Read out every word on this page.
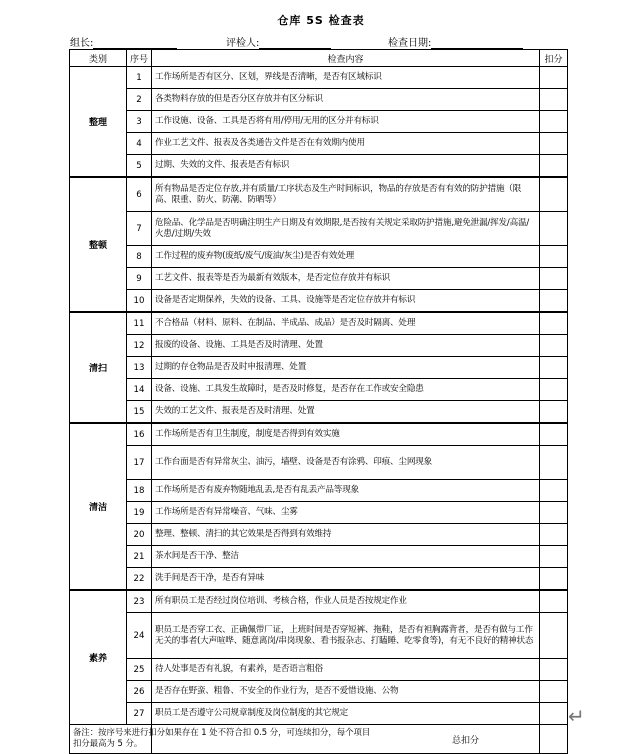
仓库 5S 检查表
组长:	评检人:	检查日期:
类别	序号	检查内容	扣分
整理	1	工作场所是否有区分、区划，界线是否清晰，是否有区域标识	
	2	各类物料存放的但是否分区存放并有区分标识	
	3	工作设施、设备、工具是否将有用/停用/无用的区分并有标识	
	4	作业工艺文件、报表及各类通告文件是否在有效期内使用	
	5	过期、失效的文件、报表是否有标识	
整顿	6	所有物品是否定位存放,并有质量/工序状态及生产时间标识，物品的存放是否有有效的防护措施（限高、限重、防火、防潮、防晒等）	
	7	危险品、化学品是否明确注明生产日期及有效期限,是否按有关规定采取防护措施,避免泄漏/挥发/高温/火患/过期/失效	
	8	工作过程的废弃物(废纸/废气/废油/灰尘)是否有效处理	
	9	工艺文件、报表等是否为最新有效版本，是否定位存放并有标识	
	10	设备是否定期保养，失效的设备、工具、设施等是否定位存放并有标识	
清扫	11	不合格品（材料、原料、在制品、半成品、成品）是否及时隔离、处理	
	12	报废的设备、设施、工具是否及时清理、处置	
	13	过期的存仓物品是否及时申报清理、处置	
	14	设备、设施、工具发生故障时，是否及时修复，是否存在工作或安全隐患	
	15	失效的工艺文件、报表是否及时清理、处置	
清洁	16	工作场所是否有卫生制度，制度是否得到有效实施	
	17	工作台面是否有异常灰尘、油污，墙壁、设备是否有涂鸦、印痕、尘网现象	
	18	工作场所是否有废弃物随地乱丢,是否有乱丢产品等现象	
	19	工作场所是否有异常噪音、气味、尘雾	
	20	整理、整顿、清扫的其它效果是否得到有效维持	
	21	茶水间是否干净、整洁	
	22	洗手间是否干净，是否有异味	
素养	23	所有职员工是否经过岗位培训、考核合格，作业人员是否按规定作业	
	24	职员工是否穿工衣、正确佩带厂证，上班时间是否穿短裤、拖鞋，是否有袒胸露背者，是否有做与工作无关的事者(大声喧哗、随意离岗/串岗现象、看书报杂志、打瞌睡、吃零食等)，有无不良好的精神状态	
	25	待人处事是否有礼貌，有素养，是否语言粗俗	
	26	是否存在野蛮、粗鲁、不安全的作业行为，是否不爱惜设施、公物	
	27	职员工是否遵守公司规章制度及岗位制度的其它规定	

备注：按序号来进行扣分如果存在 1 处不符合扣 0.5 分，可连续扣分，每个项目扣分最高为 5 分。		总扣分	
↵
